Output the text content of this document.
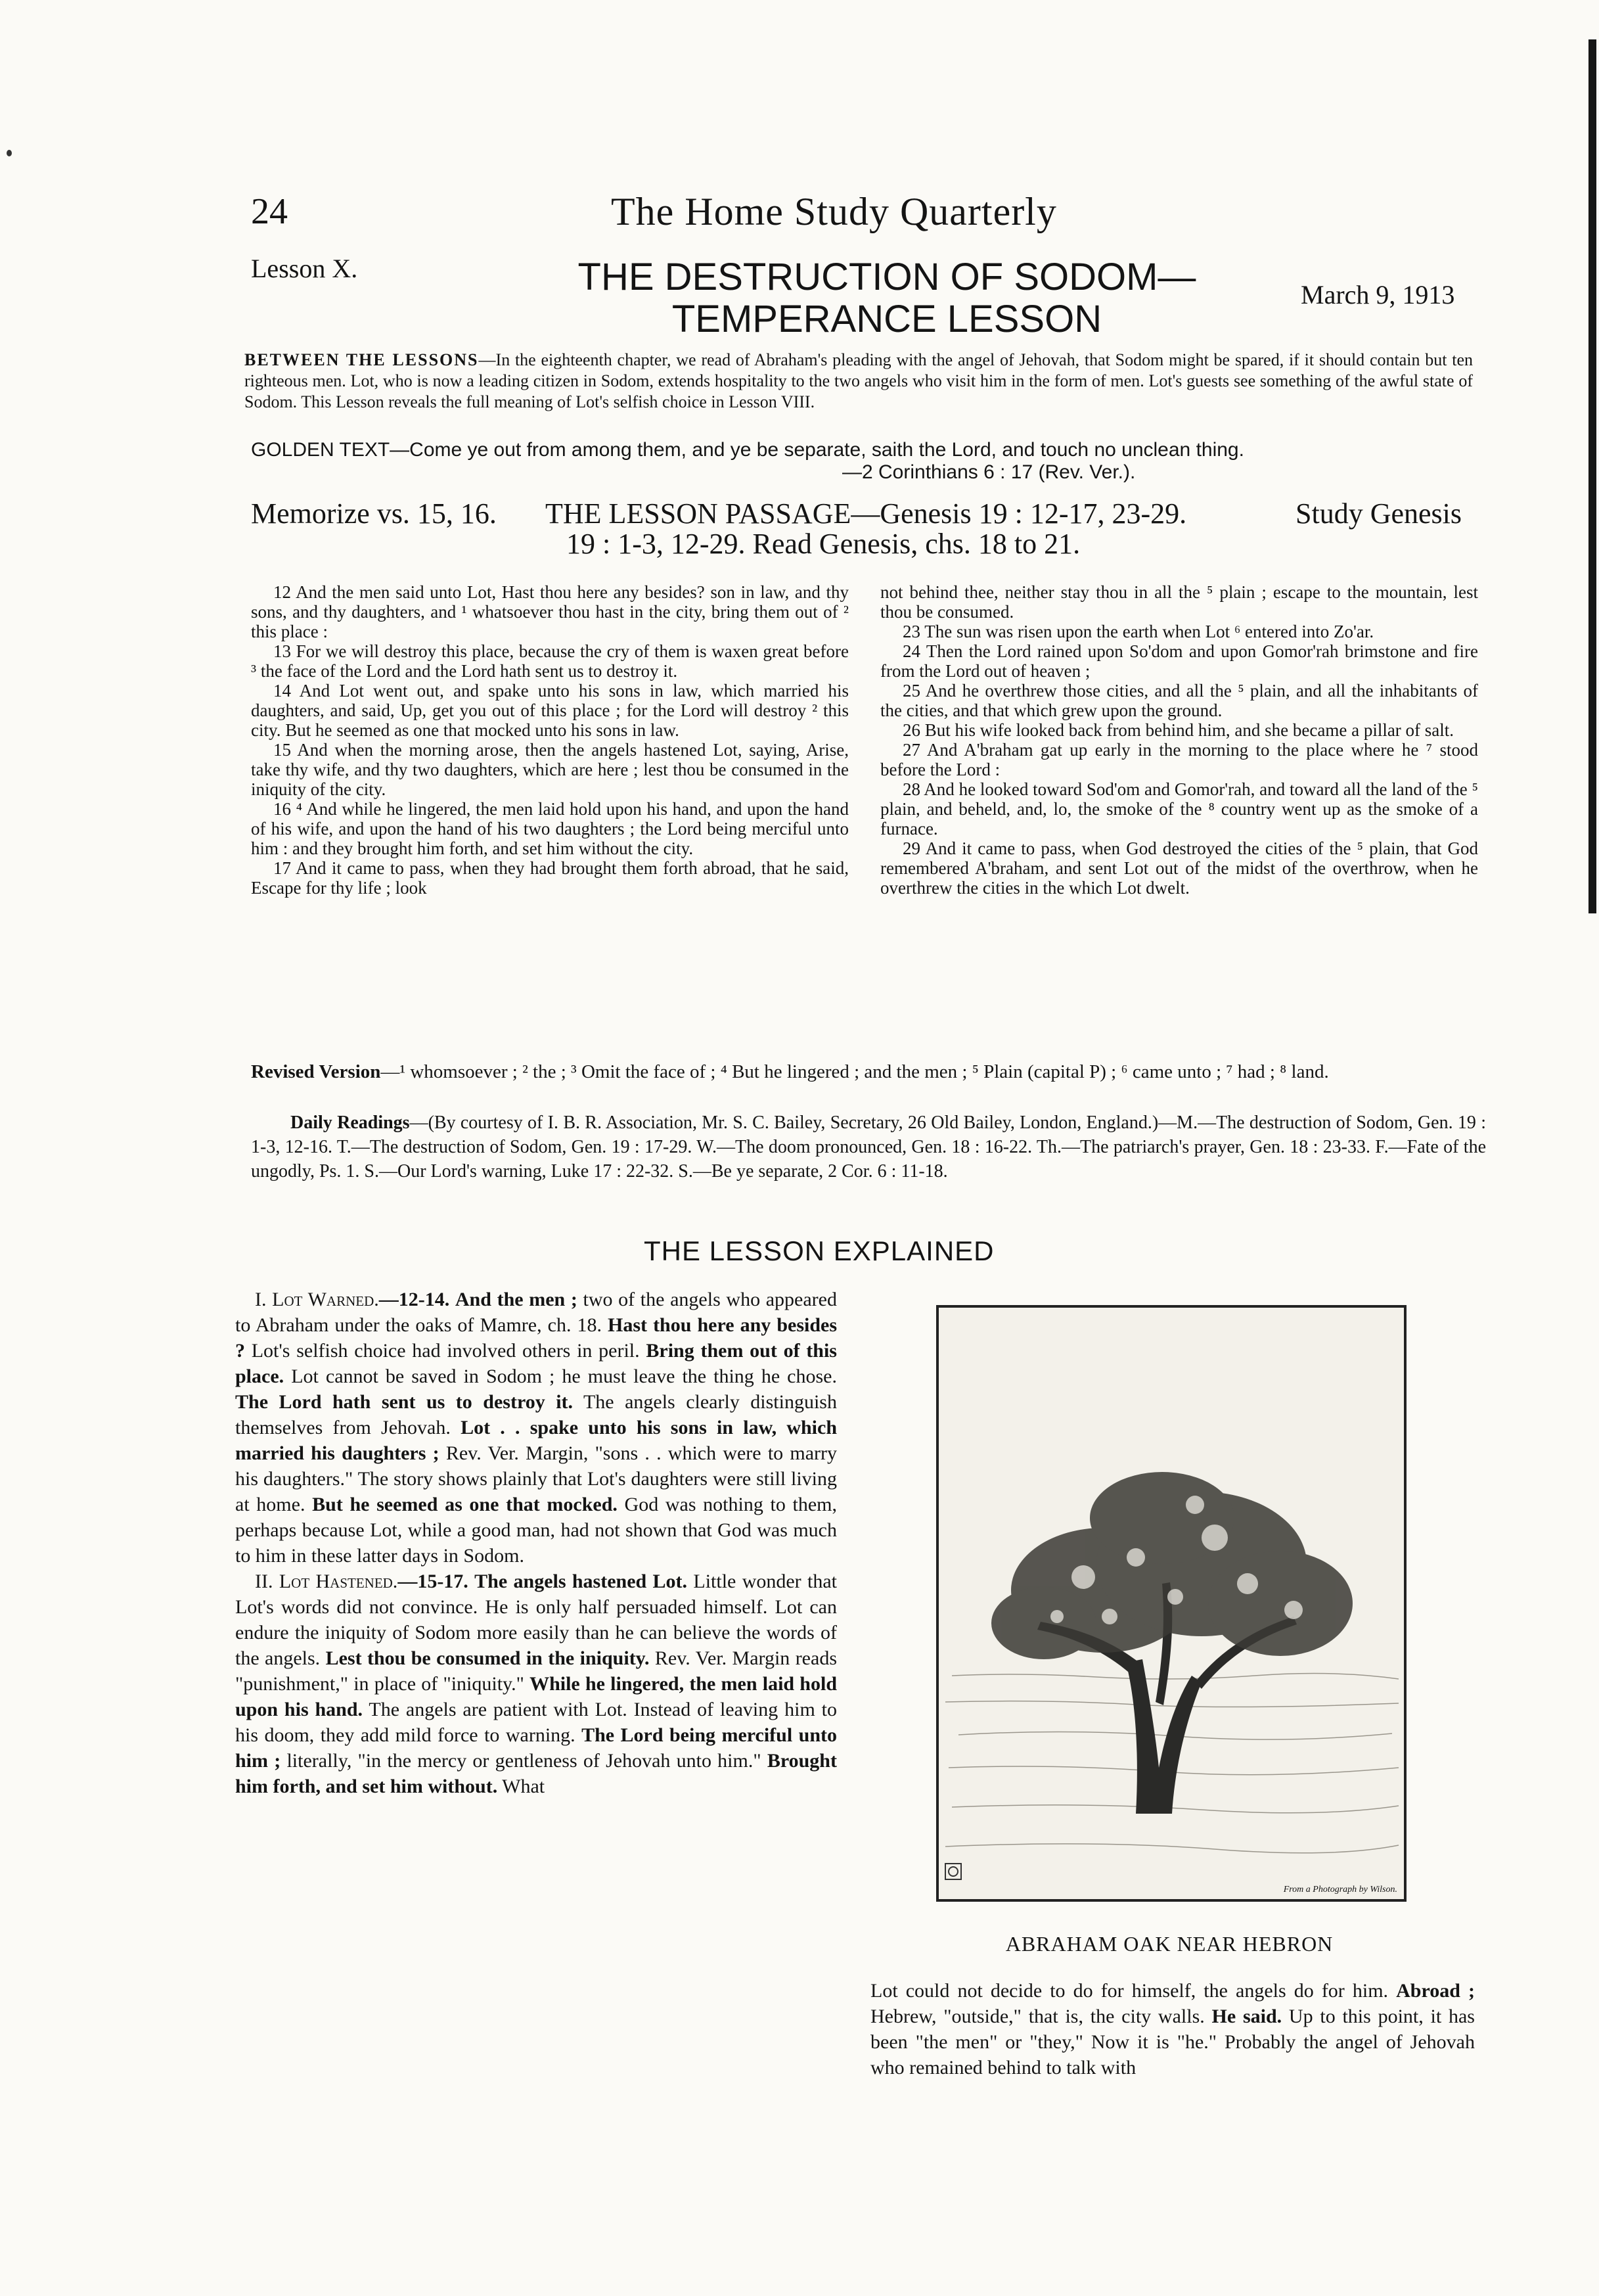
24	The Home Study Quarterly
Lesson X.	THE DESTRUCTION OF SODOM—
TEMPERANCE LESSON
March 9, 1913
BETWEEN THE LESSONS—In the eighteenth chapter, we read of Abraham's pleading with the angel of Jehovah, that Sodom might be spared, if it should contain but ten righteous men. Lot, who is now a leading citizen in Sodom, extends hospitality to the two angels who visit him in the form of men. Lot's guests see something of the awful state of Sodom. This Lesson reveals the full meaning of Lot's selfish choice in Lesson VIII.
GOLDEN TEXT—Come ye out from among them, and ye be separate, saith the Lord, and touch no unclean thing.
—2 Corinthians 6 : 17 (Rev. Ver.).
Memorize vs. 15, 16. THE LESSON PASSAGE—Genesis 19 : 12-17, 23-29.	Study Genesis
19 : 1-3, 12-29. Read Genesis, chs. 18 to 21.

12 And the men said unto Lot, Hast thou here any besides? son in law, and thy sons, and thy daughters, and ¹ whatsoever thou hast in the city, bring them out of ² this place :

13 For we will destroy this place, because the cry of them is waxen great before ³ the face of the Lord and the Lord hath sent us to destroy it.

14 And Lot went out, and spake unto his sons in law, which married his daughters, and said, Up, get you out of this place ; for the Lord will destroy ² this city. But he seemed as one that mocked unto his sons in law.

15 And when the morning arose, then the angels hastened Lot, saying, Arise, take thy wife, and thy two daughters, which are here ; lest thou be consumed in the iniquity of the city.

16 ⁴ And while he lingered, the men laid hold upon his hand, and upon the hand of his wife, and upon the hand of his two daughters ; the Lord being merciful unto him : and they brought him forth, and set him without the city.

17 And it came to pass, when they had brought them forth abroad, that he said, Escape for thy life ; look

not behind thee, neither stay thou in all the ⁵ plain ; escape to the mountain, lest thou be consumed.

23 The sun was risen upon the earth when Lot ⁶ entered into Zo'ar.

24 Then the Lord rained upon So'dom and upon Gomor'rah brimstone and fire from the Lord out of heaven ;

25 And he overthrew those cities, and all the ⁵ plain, and all the inhabitants of the cities, and that which grew upon the ground.

26 But his wife looked back from behind him, and she became a pillar of salt.

27 And A'braham gat up early in the morning to the place where he ⁷ stood before the Lord :

28 And he looked toward Sod'om and Gomor'rah, and toward all the land of the ⁵ plain, and beheld, and, lo, the smoke of the ⁸ country went up as the smoke of a furnace.

29 And it came to pass, when God destroyed the cities of the ⁵ plain, that God remembered A'braham, and sent Lot out of the midst of the overthrow, when he overthrew the cities in the which Lot dwelt.

Revised Version—¹ whomsoever ; ² the ; ³ Omit the face of ; ⁴ But he lingered ; and the men ; ⁵ Plain (capital P) ; ⁶ came unto ; ⁷ had ; ⁸ land.
Daily Readings—(By courtesy of I. B. R. Association, Mr. S. C. Bailey, Secretary, 26 Old Bailey, London, England.)—M.—The destruction of Sodom, Gen. 19 : 1-3, 12-16. T.—The destruction of Sodom, Gen. 19 : 17-29. W.—The doom pronounced, Gen. 18 : 16-22. Th.—The patriarch's prayer, Gen. 18 : 23-33. F.—Fate of the ungodly, Ps. 1. S.—Our Lord's warning, Luke 17 : 22-32. S.—Be ye separate, 2 Cor. 6 : 11-18.
THE LESSON EXPLAINED

I. Lot Warned.—12-14. And the men ; two of the angels who appeared to Abraham under the oaks of Mamre, ch. 18. Hast thou here any besides ? Lot's selfish choice had involved others in peril. Bring them out of this place. Lot cannot be saved in Sodom ; he must leave the thing he chose. The Lord hath sent us to destroy it. The angels clearly distinguish themselves from Jehovah. Lot . . spake unto his sons in law, which married his daughters ; Rev. Ver. Margin, "sons . . which were to marry his daughters." The story shows plainly that Lot's daughters were still living at home. But he seemed as one that mocked. God was nothing to them, perhaps because Lot, while a good man, had not shown that God was much to him in these latter days in Sodom.

II. Lot Hastened.—15-17. The angels hastened Lot. Little wonder that Lot's words did not convince. He is only half persuaded himself. Lot can endure the iniquity of Sodom more easily than he can believe the words of the angels. Lest thou be consumed in the iniquity. Rev. Ver. Margin reads "punishment," in place of "iniquity." While he lingered, the men laid hold upon his hand. The angels are patient with Lot. Instead of leaving him to his doom, they add mild force to warning. The Lord being merciful unto him ; literally, "in the mercy or gentleness of Jehovah unto him." Brought him forth, and set him without. What

From a Photograph by Wilson.
ABRAHAM OAK NEAR HEBRON
Lot could not decide to do for himself, the angels do for him. Abroad ; Hebrew, "outside," that is, the city walls. He said. Up to this point, it has been "the men" or "they," Now it is "he." Probably the angel of Jehovah who remained behind to talk with
